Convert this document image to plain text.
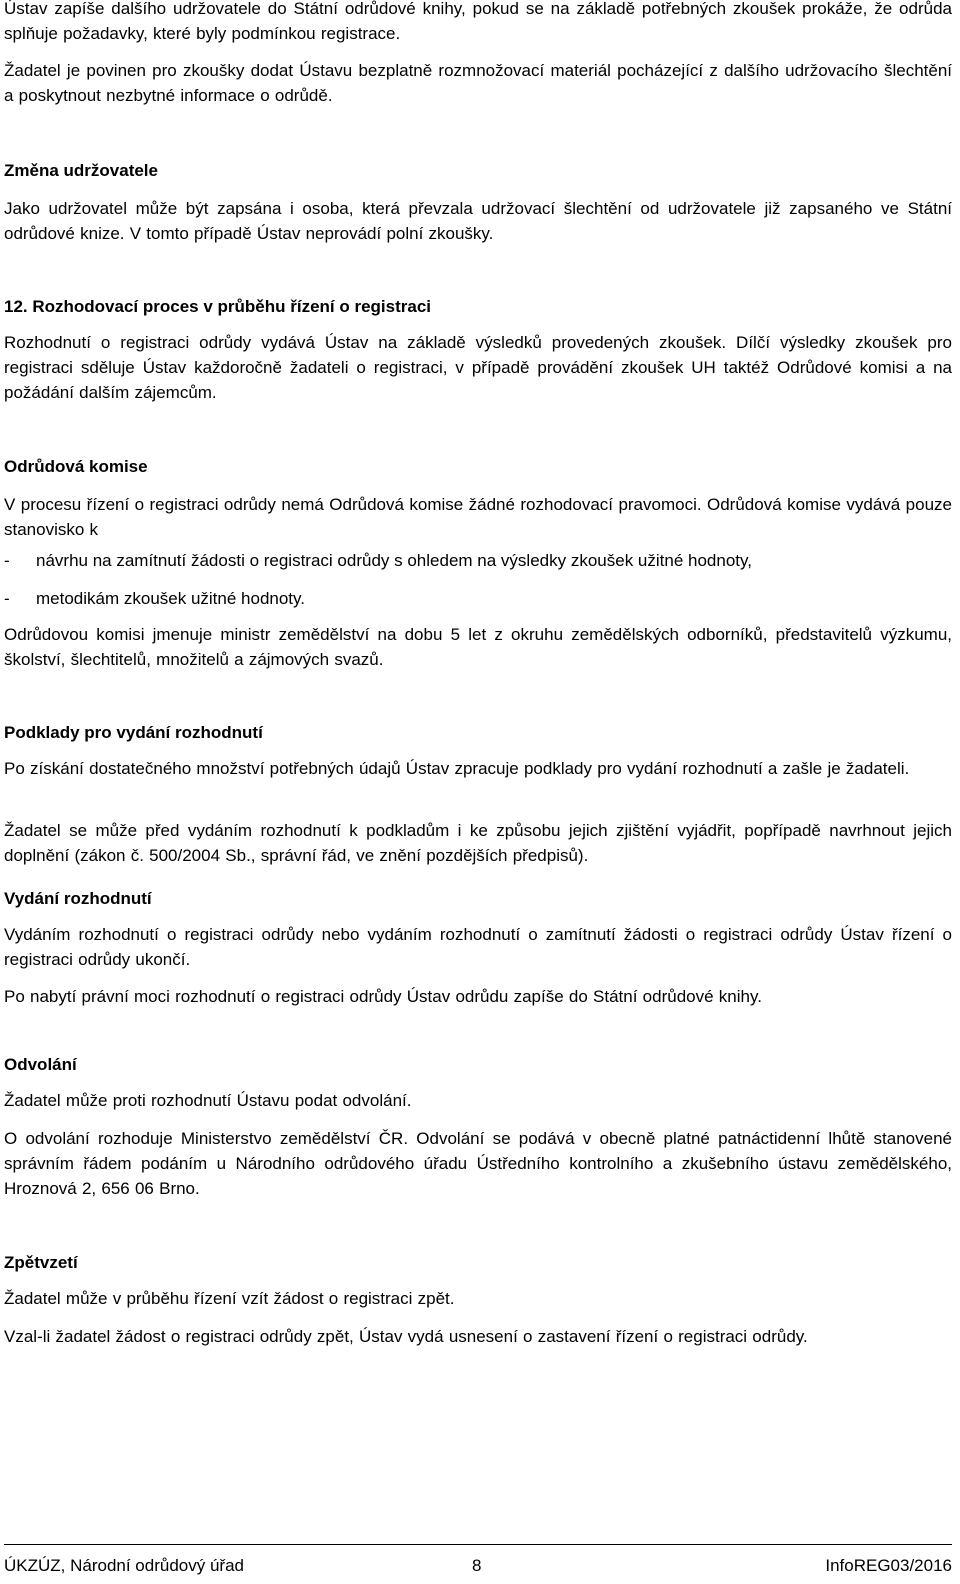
Ústav zapíše dalšího udržovatele do Státní odrůdové knihy, pokud se na základě potřebných zkoušek prokáže, že odrůda splňuje požadavky, které byly podmínkou registrace.

Žadatel je povinen pro zkoušky dodat Ústavu bezplatně rozmnožovací materiál pocházející z dalšího udržovacího šlechtění a poskytnout nezbytné informace o odrůdě.

Změna udržovatele

Jako udržovatel může být zapsána i osoba, která převzala udržovací šlechtění od udržovatele již zapsaného ve Státní odrůdové knize. V tomto případě Ústav neprovádí polní zkoušky.

12. Rozhodovací proces v průběhu řízení o registraci

Rozhodnutí o registraci odrůdy vydává Ústav na základě výsledků provedených zkoušek. Dílčí výsledky zkoušek pro registraci sděluje Ústav každoročně žadateli o registraci, v případě provádění zkoušek UH taktéž Odrůdové komisi a na požádání dalším zájemcům.

Odrůdová komise

V procesu řízení o registraci odrůdy nemá Odrůdová komise žádné rozhodovací pravomoci. Odrůdová komise vydává pouze stanovisko k

-	návrhu na zamítnutí žádosti o registraci odrůdy s ohledem na výsledky zkoušek užitné hodnoty,
-	metodikám zkoušek užitné hodnoty.

Odrůdovou komisi jmenuje ministr zemědělství na dobu 5 let z okruhu zemědělských odborníků, představitelů výzkumu, školství, šlechtitelů, množitelů a zájmových svazů.

Podklady pro vydání rozhodnutí

Po získání dostatečného množství potřebných údajů Ústav zpracuje podklady pro vydání rozhodnutí a zašle je žadateli.

Žadatel se může před vydáním rozhodnutí k podkladům i ke způsobu jejich zjištění vyjádřit, popřípadě navrhnout jejich doplnění (zákon č. 500/2004 Sb., správní řád, ve znění pozdějších předpisů).

Vydání rozhodnutí

Vydáním rozhodnutí o registraci odrůdy nebo vydáním rozhodnutí o zamítnutí žádosti o registraci odrůdy Ústav řízení o registraci odrůdy ukončí.

Po nabytí právní moci rozhodnutí o registraci odrůdy Ústav odrůdu zapíše do Státní odrůdové knihy.

Odvolání

Žadatel může proti rozhodnutí Ústavu podat odvolání.

O odvolání rozhoduje Ministerstvo zemědělství ČR. Odvolání se podává v obecně platné patnáctidenní lhůtě stanovené správním řádem podáním u Národního odrůdového úřadu Ústředního kontrolního a zkušebního ústavu zemědělského, Hroznová 2, 656 06 Brno.

Zpětvzetí

Žadatel může v průběhu řízení vzít žádost o registraci zpět.

Vzal-li žadatel žádost o registraci odrůdy zpět, Ústav vydá usnesení o zastavení řízení o registraci odrůdy.

ÚKZÚZ, Národní odrůdový úřad	8	InfoREG03/2016
